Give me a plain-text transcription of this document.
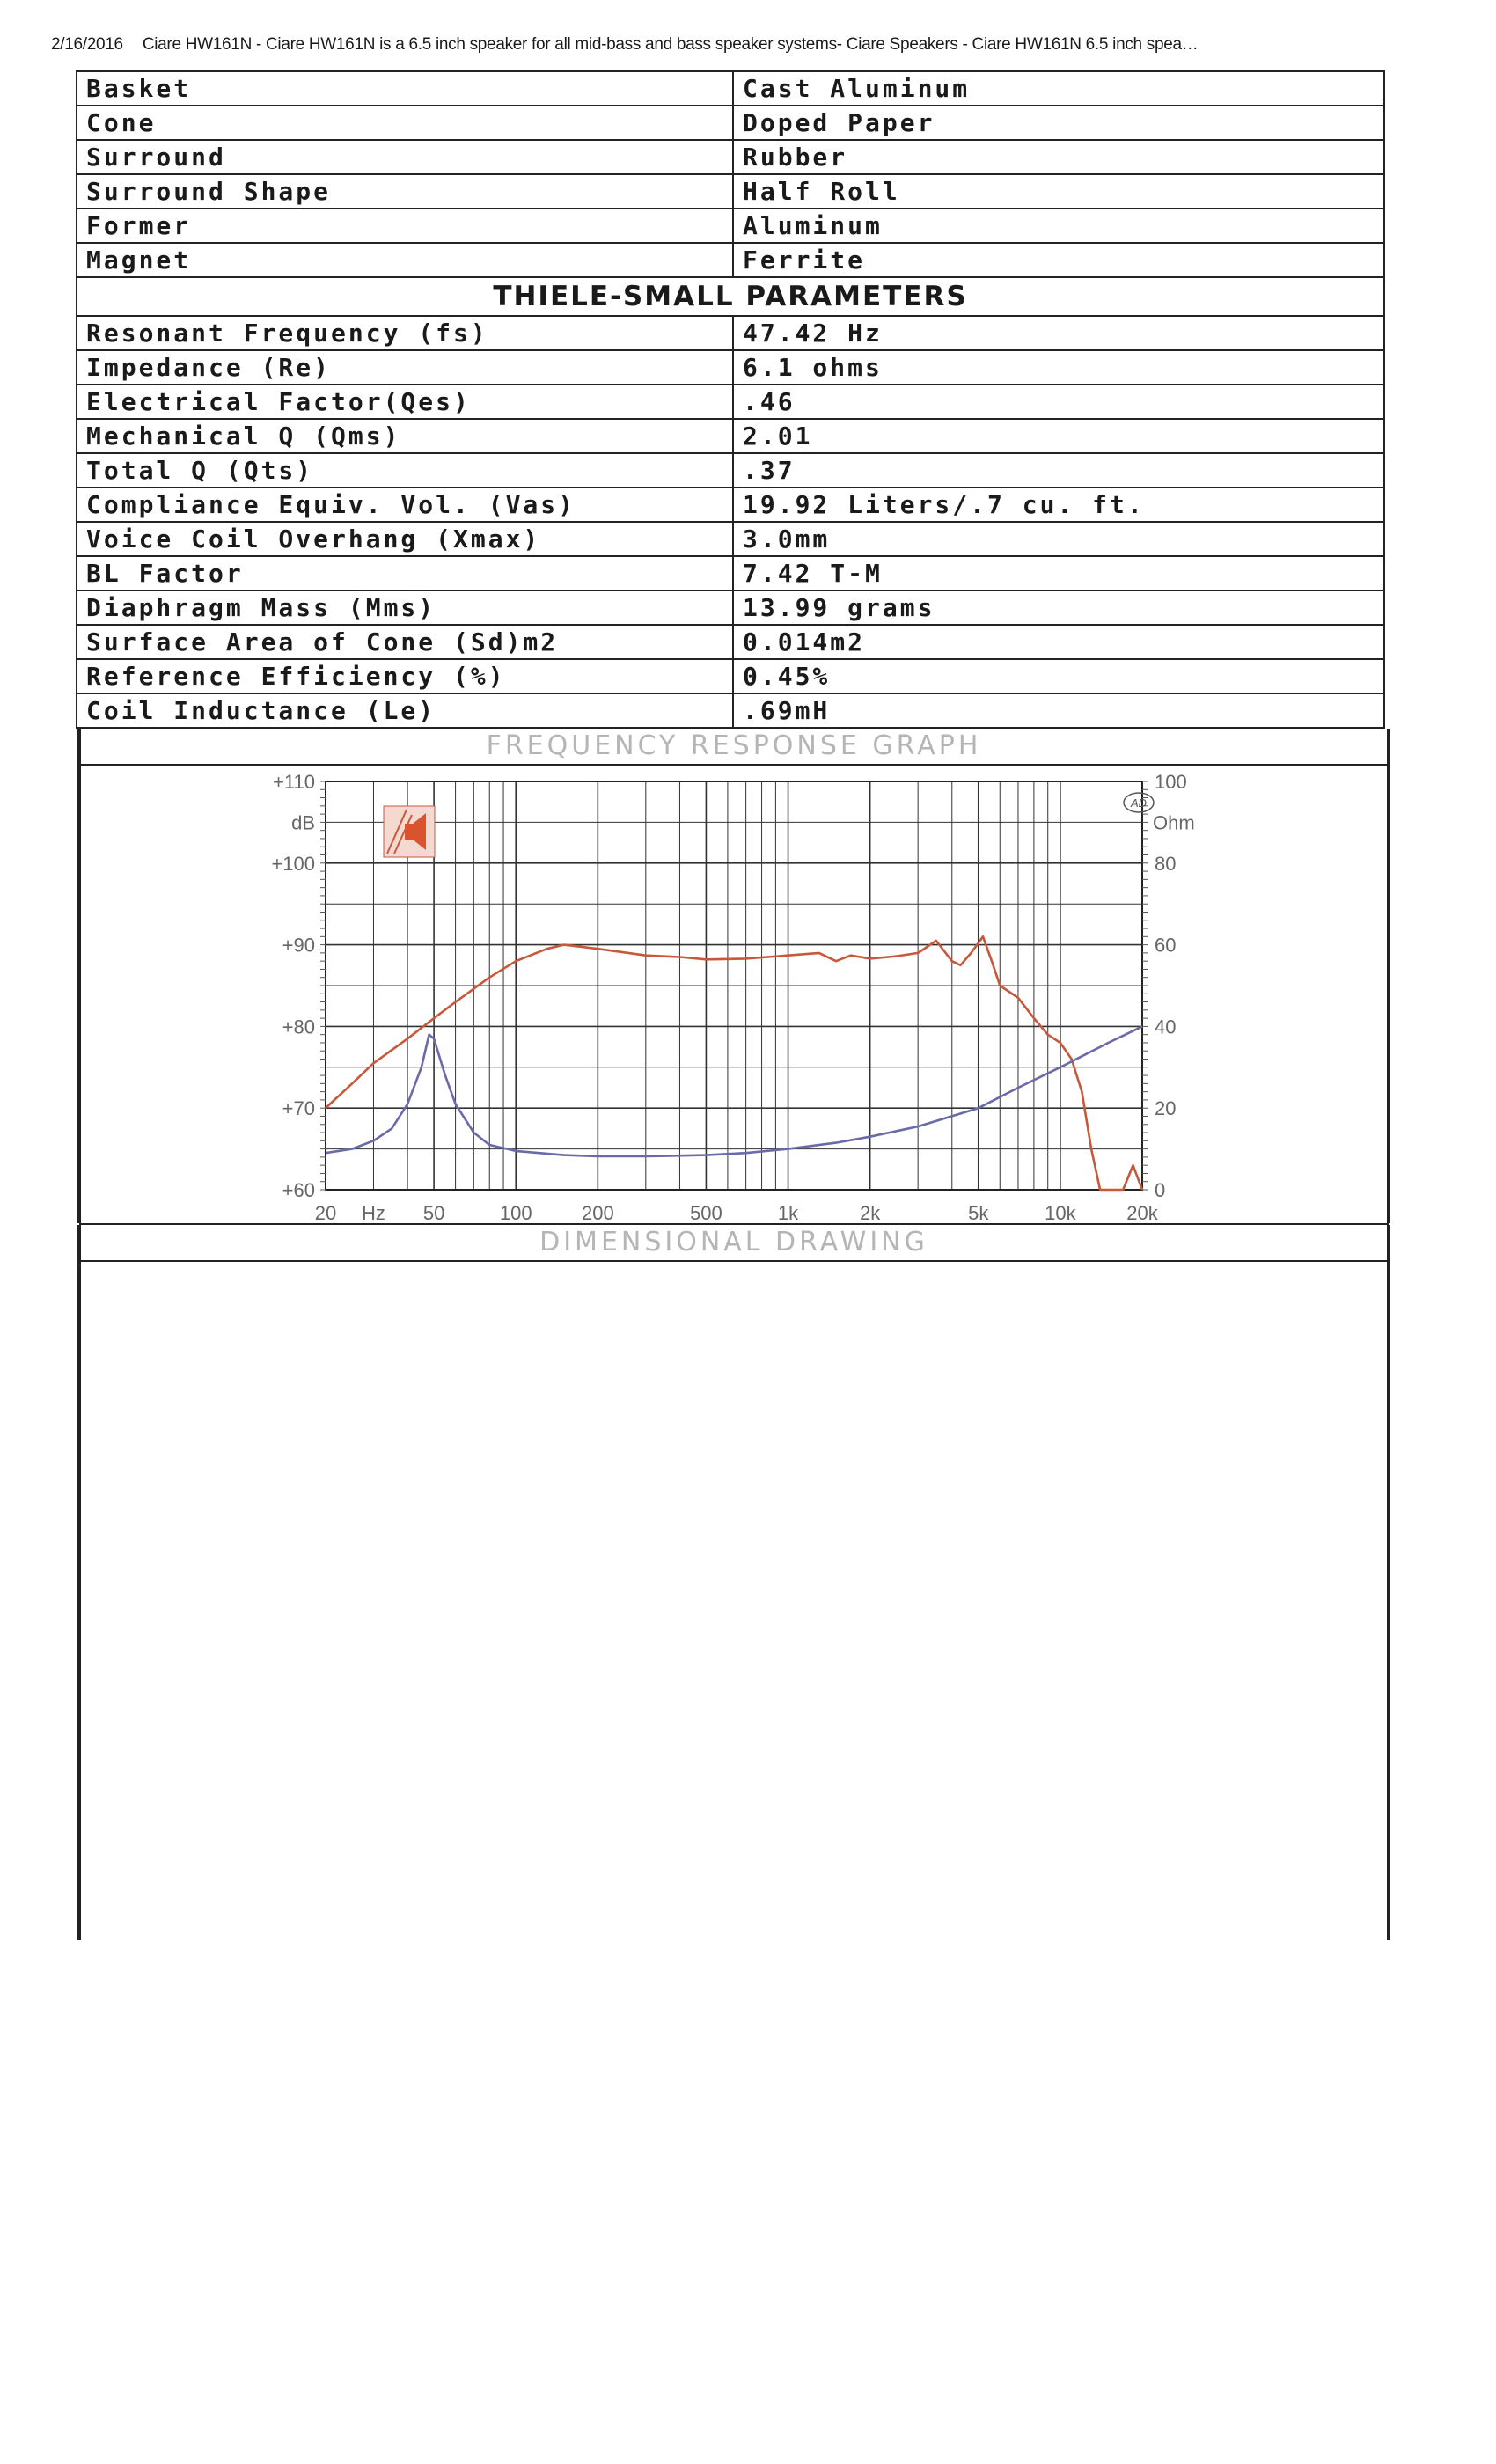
2/16/2016 Ciare HW161N - Ciare HW161N is a 6.5 inch speaker for all mid-bass and bass speaker systems- Ciare Speakers - Ciare HW161N 6.5 inch spea…
Basket	Cast Aluminum
Cone	Doped Paper
Surround	Rubber
Surround Shape	Half Roll
Former	Aluminum
Magnet	Ferrite
THIELE-SMALL PARAMETERS	
Resonant Frequency (fs)	47.42 Hz
Impedance (Re)	6.1 ohms
Electrical Factor(Qes)	.46
Mechanical Q (Qms)	2.01
Total Q (Qts)	.37
Compliance Equiv. Vol. (Vas)	19.92 Liters/.7 cu. ft.
Voice Coil Overhang (Xmax)	3.0mm
BL Factor	7.42 T-M
Diaphragm Mass (Mms)	13.99 grams
Surface Area of Cone (Sd)m2	0.014m2
Reference Efficiency (%)	0.45%
Coil Inductance (Le)	.69mH
FREQUENCY RESPONSE GRAPH
20	50	100	200	500	1k	2k	5k	10k	20k
Hz
+110
+100
+90
+80
+70
+60
dB
100
80
60
40
20
0
Ohm
AD
DIMENSIONAL DRAWING
